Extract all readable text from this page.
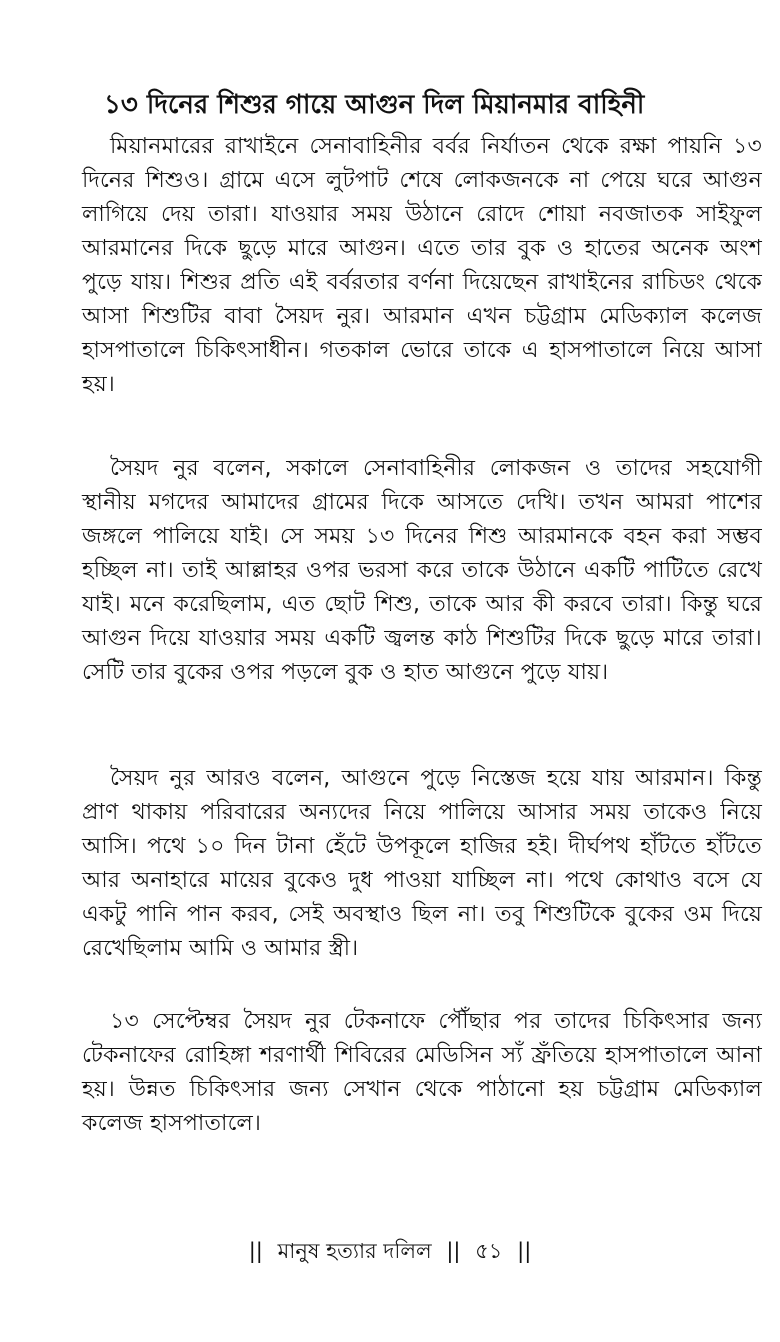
১৩ দিনের শিশুর গায়ে আগুন দিল মিয়ানমার বাহিনী

মিয়ানমারের রাখাইনে সেনাবাহিনীর বর্বর নির্যাতন থেকে রক্ষা পায়নি ১৩ দিনের শিশুও। গ্রামে এসে লুটপাট শেষে লোকজনকে না পেয়ে ঘরে আগুন লাগিয়ে দেয় তারা। যাওয়ার সময় উঠানে রোদে শোয়া নবজাতক সাইফুল আরমানের দিকে ছুড়ে মারে আগুন। এতে তার বুক ও হাতের অনেক অংশ পুড়ে যায়। শিশুর প্রতি এই বর্বরতার বর্ণনা দিয়েছেন রাখাইনের রাচিডং থেকে আসা শিশুটির বাবা সৈয়দ নুর। আরমান এখন চট্টগ্রাম মেডিক্যাল কলেজ হাসপাতালে চিকিৎসাধীন। গতকাল ভোরে তাকে এ হাসপাতালে নিয়ে আসা হয়।

সৈয়দ নুর বলেন, সকালে সেনাবাহিনীর লোকজন ও তাদের সহযোগী স্থানীয় মগদের আমাদের গ্রামের দিকে আসতে দেখি। তখন আমরা পাশের জঙ্গলে পালিয়ে যাই। সে সময় ১৩ দিনের শিশু আরমানকে বহন করা সম্ভব হচ্ছিল না। তাই আল্লাহর ওপর ভরসা করে তাকে উঠানে একটি পাটিতে রেখে যাই। মনে করেছিলাম, এত ছোট শিশু, তাকে আর কী করবে তারা। কিন্তু ঘরে আগুন দিয়ে যাওয়ার সময় একটি জ্বলন্ত কাঠ শিশুটির দিকে ছুড়ে মারে তারা। সেটি তার বুকের ওপর পড়লে বুক ও হাত আগুনে পুড়ে যায়।

সৈয়দ নুর আরও বলেন, আগুনে পুড়ে নিস্তেজ হয়ে যায় আরমান। কিন্তু প্রাণ থাকায় পরিবারের অন্যদের নিয়ে পালিয়ে আসার সময় তাকেও নিয়ে আসি। পথে ১০ দিন টানা হেঁটে উপকূলে হাজির হই। দীর্ঘপথ হাঁটতে হাঁটতে আর অনাহারে মায়ের বুকেও দুধ পাওয়া যাচ্ছিল না। পথে কোথাও বসে যে একটু পানি পান করব, সেই অবস্থাও ছিল না। তবু শিশুটিকে বুকের ওম দিয়ে রেখেছিলাম আমি ও আমার স্ত্রী।

১৩ সেপ্টেম্বর সৈয়দ নুর টেকনাফে পৌঁছার পর তাদের চিকিৎসার জন্য টেকনাফের রোহিঙ্গা শরণার্থী শিবিরের মেডিসিন স্যঁ ফ্রঁতিয়ে হাসপাতালে আনা হয়। উন্নত চিকিৎসার জন্য সেখান থেকে পাঠানো হয় চট্টগ্রাম মেডিক্যাল কলেজ হাসপাতালে।

|| মানুষ হত্যার দলিল || ৫১ ||
